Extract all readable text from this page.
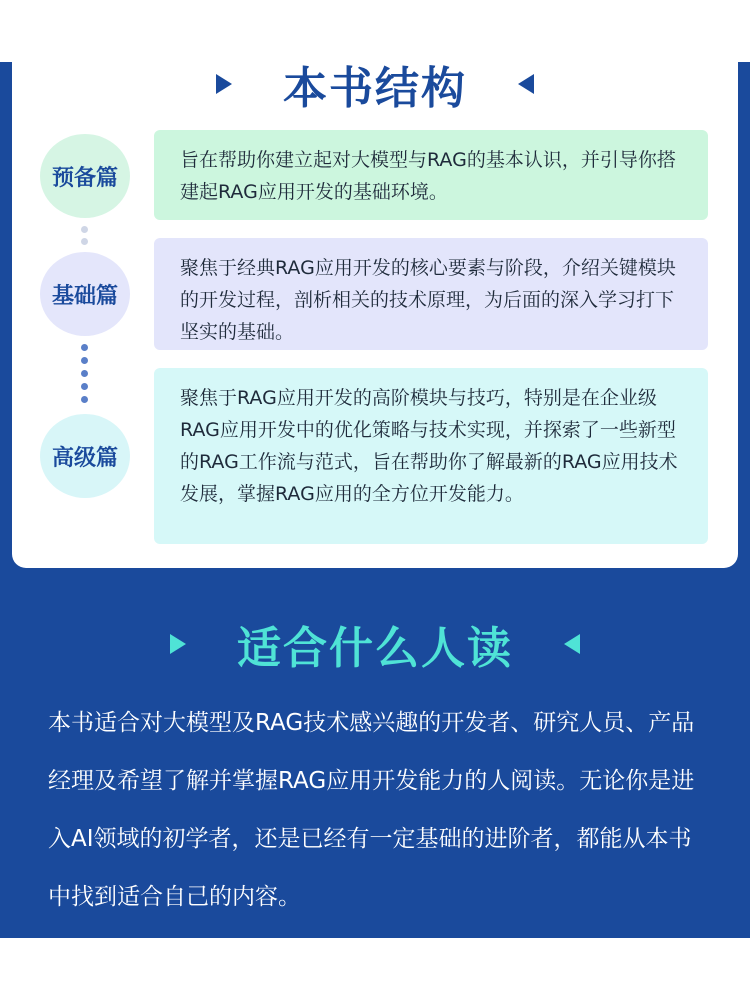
本书结构
预备篇
旨在帮助你建立起对大模型与RAG的基本认识，并引导你搭建起RAG应用开发的基础环境。
基础篇
聚焦于经典RAG应用开发的核心要素与阶段，介绍关键模块的开发过程，剖析相关的技术原理，为后面的深入学习打下坚实的基础。
高级篇
聚焦于RAG应用开发的高阶模块与技巧，特别是在企业级RAG应用开发中的优化策略与技术实现，并探索了一些新型的RAG工作流与范式，旨在帮助你了解最新的RAG应用技术发展，掌握RAG应用的全方位开发能力。
适合什么人读
本书适合对大模型及RAG技术感兴趣的开发者、研究人员、产品经理及希望了解并掌握RAG应用开发能力的人阅读。无论你是进入AI领域的初学者，还是已经有一定基础的进阶者，都能从本书中找到适合自己的内容。
